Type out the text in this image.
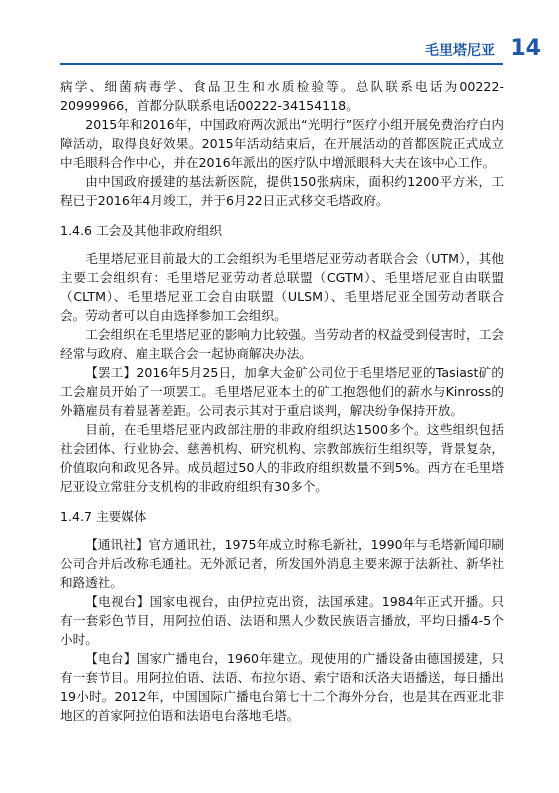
毛里塔尼亚 14

病学、细菌病毒学、食品卫生和水质检验等。总队联系电话为00222-20999966，首都分队联系电话00222-34154118。

2015年和2016年，中国政府两次派出“光明行”医疗小组开展免费治疗白内障活动，取得良好效果。2015年活动结束后，在开展活动的首都医院正式成立中毛眼科合作中心，并在2016年派出的医疗队中增派眼科大夫在该中心工作。

由中国政府援建的基法新医院，提供150张病床，面积约1200平方米，工程已于2016年4月竣工，并于6月22日正式移交毛塔政府。

1.4.6 工会及其他非政府组织

毛里塔尼亚目前最大的工会组织为毛里塔尼亚劳动者联合会（UTM），其他主要工会组织有：毛里塔尼亚劳动者总联盟（CGTM）、毛里塔尼亚自由联盟（CLTM）、毛里塔尼亚工会自由联盟（ULSM）、毛里塔尼亚全国劳动者联合会。劳动者可以自由选择参加工会组织。

工会组织在毛里塔尼亚的影响力比较强。当劳动者的权益受到侵害时，工会经常与政府、雇主联合会一起协商解决办法。

【罢工】2016年5月25日，加拿大金矿公司位于毛里塔尼亚的Tasiast矿的工会雇员开始了一项罢工。毛里塔尼亚本土的矿工抱怨他们的薪水与Kinross的外籍雇员有着显著差距。公司表示其对于重启谈判，解决纷争保持开放。

目前，在毛里塔尼亚内政部注册的非政府组织达1500多个。这些组织包括社会团体、行业协会、慈善机构、研究机构、宗教部族衍生组织等，背景复杂，价值取向和政见各异。成员超过50人的非政府组织数量不到5%。西方在毛里塔尼亚设立常驻分支机构的非政府组织有30多个。

1.4.7 主要媒体

【通讯社】官方通讯社，1975年成立时称毛新社，1990年与毛塔新闻印刷公司合并后改称毛通社。无外派记者，所发国外消息主要来源于法新社、新华社和路透社。

【电视台】国家电视台，由伊拉克出资，法国承建。1984年正式开播。只有一套彩色节目，用阿拉伯语、法语和黑人少数民族语言播放，平均日播4-5个小时。

【电台】国家广播电台，1960年建立。现使用的广播设备由德国援建，只有一套节目。用阿拉伯语、法语、布拉尔语、索宁语和沃洛夫语播送，每日播出19小时。2012年，中国国际广播电台第七十二个海外分台，也是其在西亚北非地区的首家阿拉伯语和法语电台落地毛塔。
